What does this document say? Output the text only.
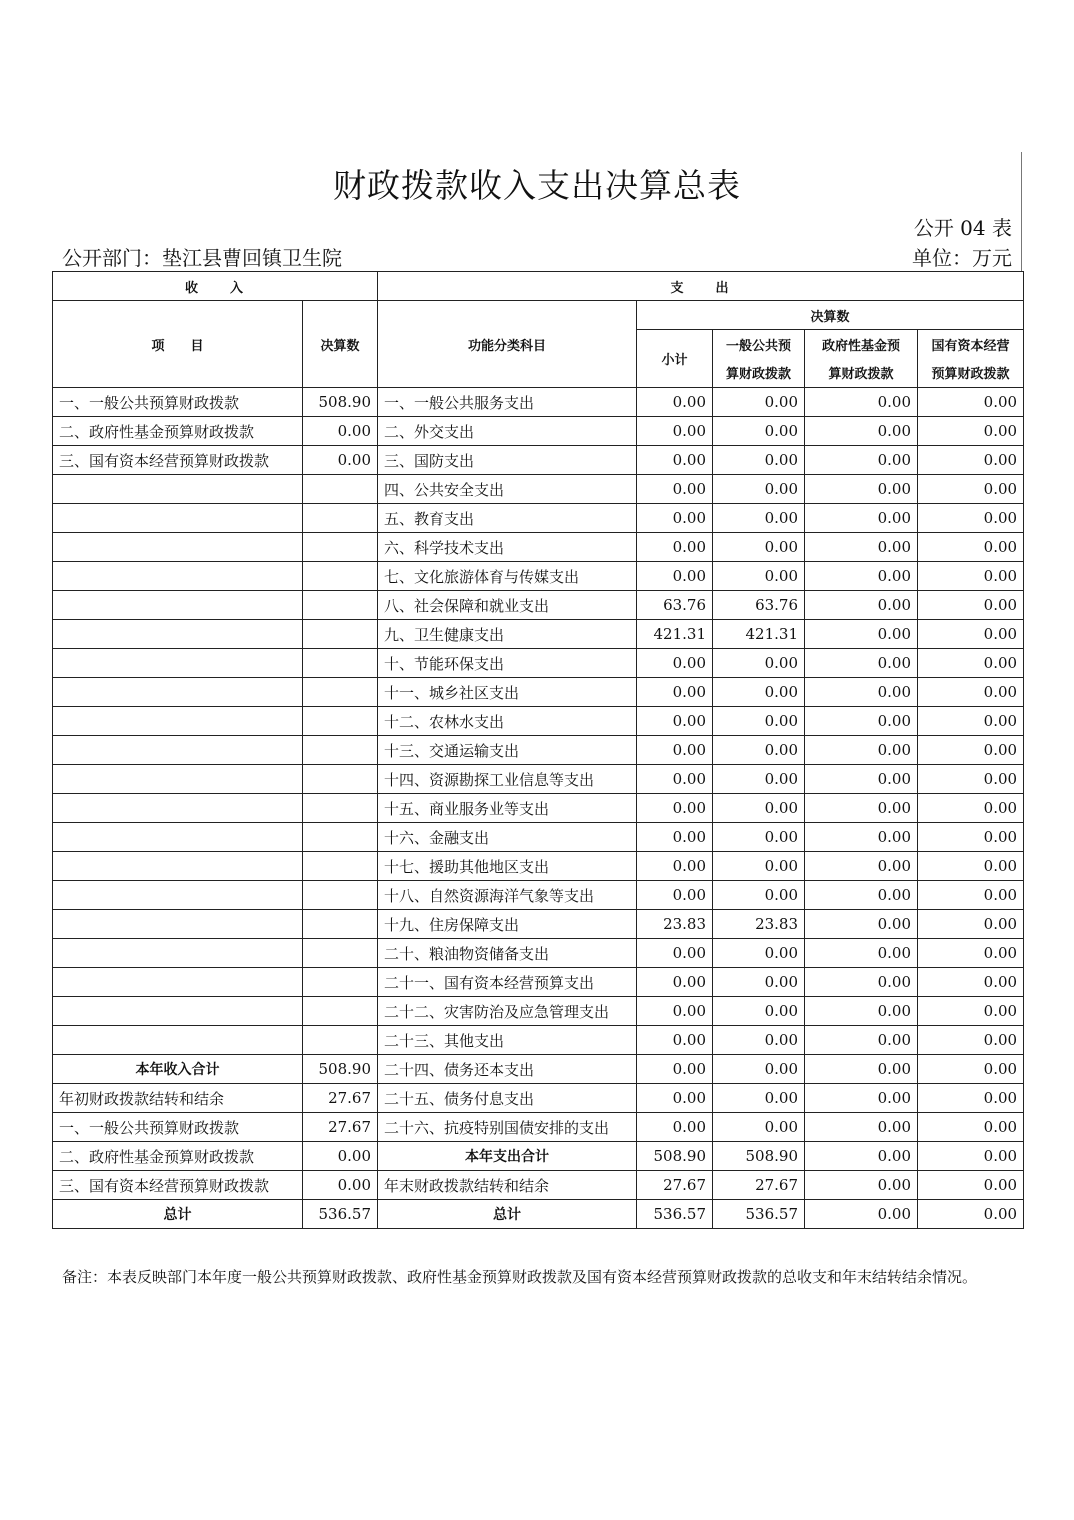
财政拨款收入支出决算总表
公开 04 表
公开部门：垫江县曹回镇卫生院	单位：万元
收　　入		支　　出				
项　　目	决算数	功能分类科目	决算数			
			小计	一般公共预	政府性基金预	国有资本经营
				算财政拨款	算财政拨款	预算财政拨款
一、一般公共预算财政拨款	508.90	一、一般公共服务支出	0.00	0.00	0.00	0.00
二、政府性基金预算财政拨款	0.00	二、外交支出	0.00	0.00	0.00	0.00
三、国有资本经营预算财政拨款	0.00	三、国防支出	0.00	0.00	0.00	0.00
		四、公共安全支出	0.00	0.00	0.00	0.00
		五、教育支出	0.00	0.00	0.00	0.00
		六、科学技术支出	0.00	0.00	0.00	0.00
		七、文化旅游体育与传媒支出	0.00	0.00	0.00	0.00
		八、社会保障和就业支出	63.76	63.76	0.00	0.00
		九、卫生健康支出	421.31	421.31	0.00	0.00
		十、节能环保支出	0.00	0.00	0.00	0.00
		十一、城乡社区支出	0.00	0.00	0.00	0.00
		十二、农林水支出	0.00	0.00	0.00	0.00
		十三、交通运输支出	0.00	0.00	0.00	0.00
		十四、资源勘探工业信息等支出	0.00	0.00	0.00	0.00
		十五、商业服务业等支出	0.00	0.00	0.00	0.00
		十六、金融支出	0.00	0.00	0.00	0.00
		十七、援助其他地区支出	0.00	0.00	0.00	0.00
		十八、自然资源海洋气象等支出	0.00	0.00	0.00	0.00
		十九、住房保障支出	23.83	23.83	0.00	0.00
		二十、粮油物资储备支出	0.00	0.00	0.00	0.00
		二十一、国有资本经营预算支出	0.00	0.00	0.00	0.00
		二十二、灾害防治及应急管理支出	0.00	0.00	0.00	0.00
		二十三、其他支出	0.00	0.00	0.00	0.00
本年收入合计	508.90	二十四、债务还本支出	0.00	0.00	0.00	0.00
年初财政拨款结转和结余	27.67	二十五、债务付息支出	0.00	0.00	0.00	0.00
一、一般公共预算财政拨款	27.67	二十六、抗疫特别国债安排的支出	0.00	0.00	0.00	0.00
二、政府性基金预算财政拨款	0.00	本年支出合计	508.90	508.90	0.00	0.00
三、国有资本经营预算财政拨款	0.00	年末财政拨款结转和结余	27.67	27.67	0.00	0.00
总计	536.57	总计	536.57	536.57	0.00	0.00
备注：本表反映部门本年度一般公共预算财政拨款、政府性基金预算财政拨款及国有资本经营预算财政拨款的总收支和年末结转结余情况。
